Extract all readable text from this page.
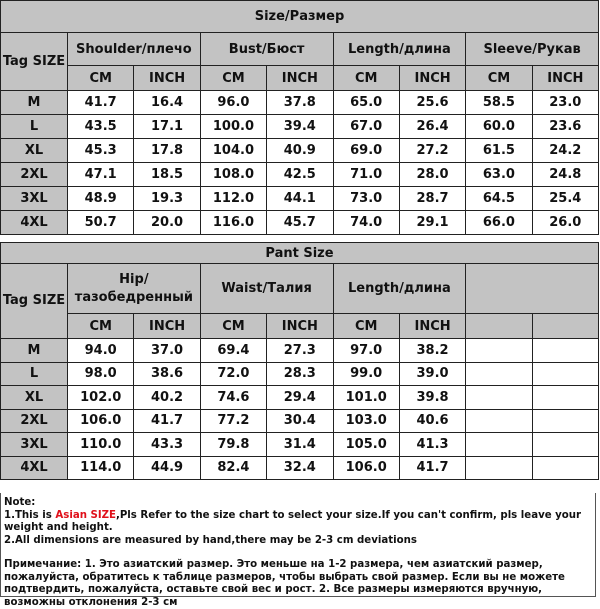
Size/Размер								
Tag SIZE	Shoulder/плечо		Bust/Бюст		Length/длина		Sleeve/Рукав	
	CM	INCH	CM	INCH	CM	INCH	CM	INCH
M	41.7	16.4	96.0	37.8	65.0	25.6	58.5	23.0
L	43.5	17.1	100.0	39.4	67.0	26.4	60.0	23.6
XL	45.3	17.8	104.0	40.9	69.0	27.2	61.5	24.2
2XL	47.1	18.5	108.0	42.5	71.0	28.0	63.0	24.8
3XL	48.9	19.3	112.0	44.1	73.0	28.7	64.5	25.4
4XL	50.7	20.0	116.0	45.7	74.0	29.1	66.0	26.0
Pant Size								
Tag SIZE	Hip/ тазобедренный		Waist/Талия		Length/длина			
	CM	INCH	CM	INCH	CM	INCH		
M	94.0	37.0	69.4	27.3	97.0	38.2		
L	98.0	38.6	72.0	28.3	99.0	39.0		
XL	102.0	40.2	74.6	29.4	101.0	39.8		
2XL	106.0	41.7	77.2	30.4	103.0	40.6		
3XL	110.0	43.3	79.8	31.4	105.0	41.3		
4XL	114.0	44.9	82.4	32.4	106.0	41.7		

Note:

1.This is Asian SIZE,Pls Refer to the size chart to select your size.If you can't confirm, pls leave your weight and height.

2.All dimensions are measured by hand,there may be 2-3 cm deviations

Примечание: 1. Это азиатский размер. Это меньше на 1-2 размера, чем азиатский размер, пожалуйста, обратитесь к таблице размеров, чтобы выбрать свой размер. Если вы не можете подтвердить, пожалуйста, оставьте свой вес и рост. 2. Все размеры измеряются вручную, возможны отклонения 2-3 см
